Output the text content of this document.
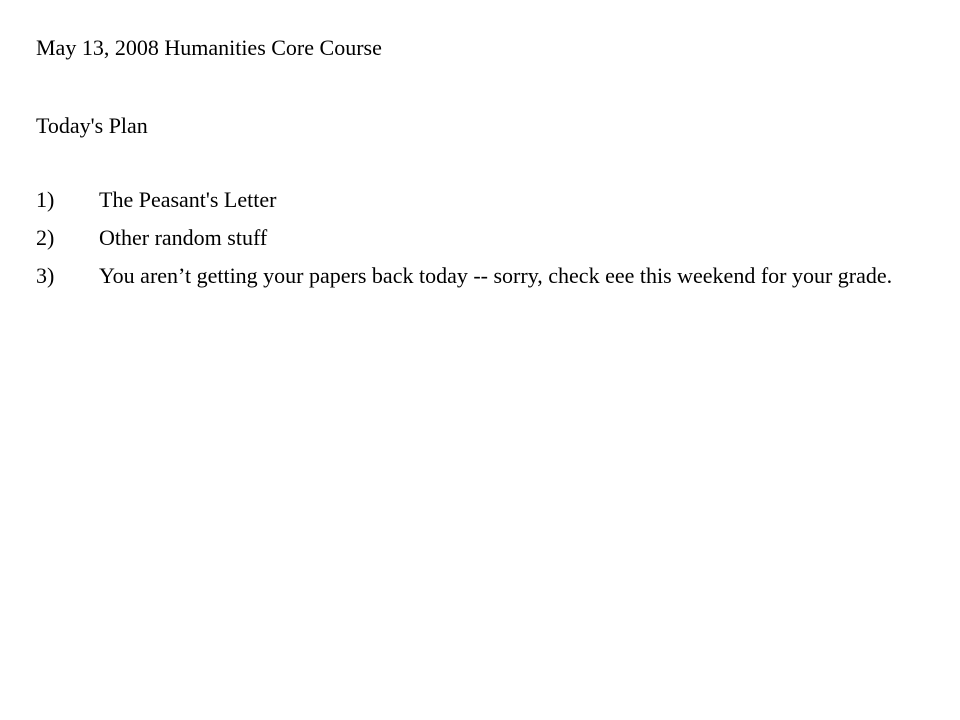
May 13, 2008 Humanities Core Course
Today's Plan
1)	The Peasant's Letter
2)	Other random stuff
3)	You aren’t getting your papers back today -- sorry, check eee this weekend for your grade.
